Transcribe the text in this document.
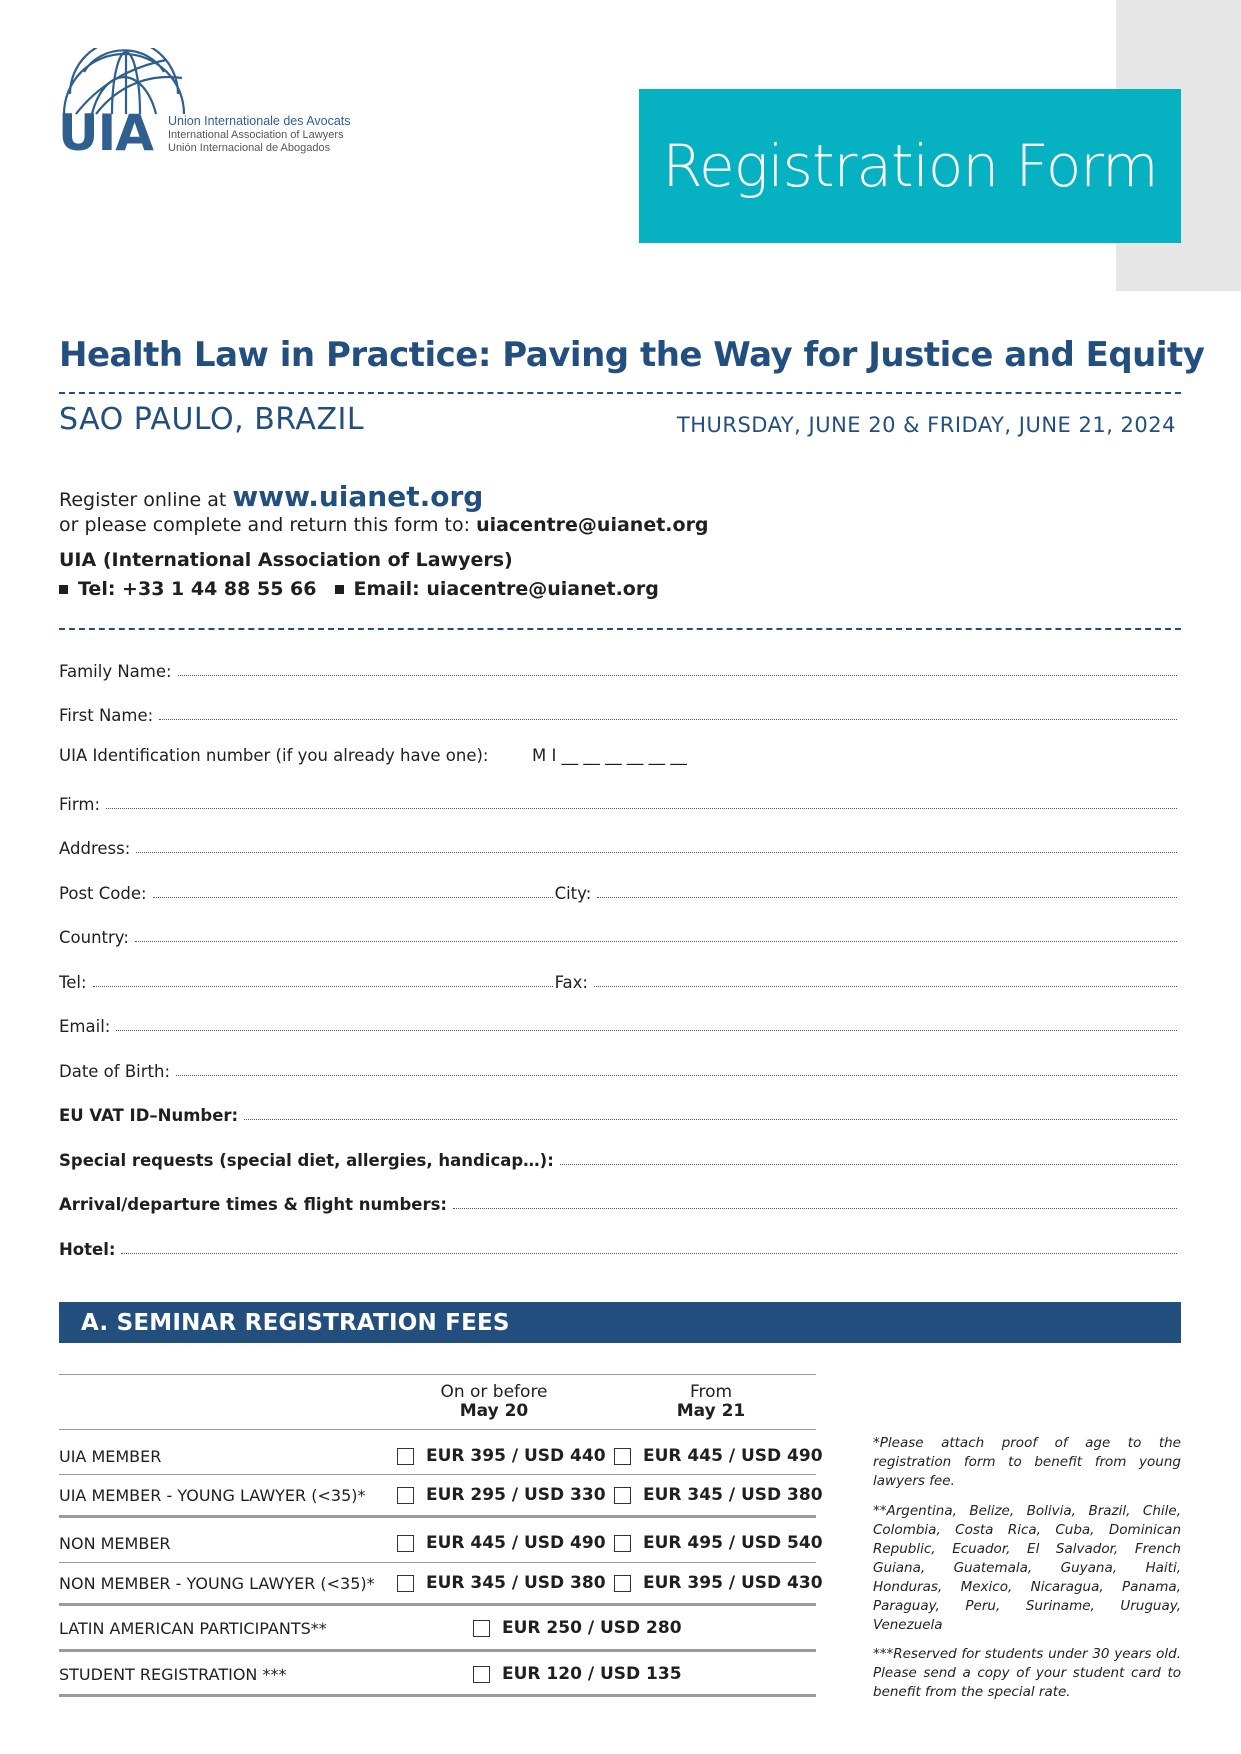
UIA Union Internationale des Avocats
International Association of Lawyers
Unión Internacional de Abogados	Registration Form
Health Law in Practice: Paving the Way for Justice and Equity
SAO PAULO, BRAZIL	THURSDAY, JUNE 20 & FRIDAY, JUNE 21, 2024
Register online at www.uianet.org
or please complete and return this form to: uiacentre@uianet.org
UIA (International Association of Lawyers)
Tel: +33 1 44 88 55 66 Email: uiacentre@uianet.org
Family Name:
First Name:
UIA Identification number (if you already have one):	M I __ __ __ __ __ __
Firm:
Address:
Post Code:	City:
Country:
Tel:	Fax:
Email:
Date of Birth:
EU VAT ID–Number:
Special requests (special diet, allergies, handicap…):
Arrival/departure times & flight numbers:
Hotel:
A. SEMINAR REGISTRATION FEES
On or before
May 20
From
May 21
UIA MEMBER	EUR 395 / USD 440 EUR 445 / USD 490
UIA MEMBER - YOUNG LAWYER (<35)*	EUR 295 / USD 330 EUR 345 / USD 380
NON MEMBER	EUR 445 / USD 490 EUR 495 / USD 540
NON MEMBER - YOUNG LAWYER (<35)*	EUR 345 / USD 380 EUR 395 / USD 430
LATIN AMERICAN PARTICIPANTS**	EUR 250 / USD 280
STUDENT REGISTRATION ***	EUR 120 / USD 135
*Please attach proof of age to the registration form to benefit from young lawyers fee.
**Argentina, Belize, Bolivia, Brazil, Chile, Colombia, Costa Rica, Cuba, Dominican Republic, Ecuador, El Salvador, French Guiana, Guatemala, Guyana, Haiti, Honduras, Mexico, Nicaragua, Panama, Paraguay, Peru, Suriname, Uruguay, Venezuela
***Reserved for students under 30 years old. Please send a copy of your student card to benefit from the special rate.
